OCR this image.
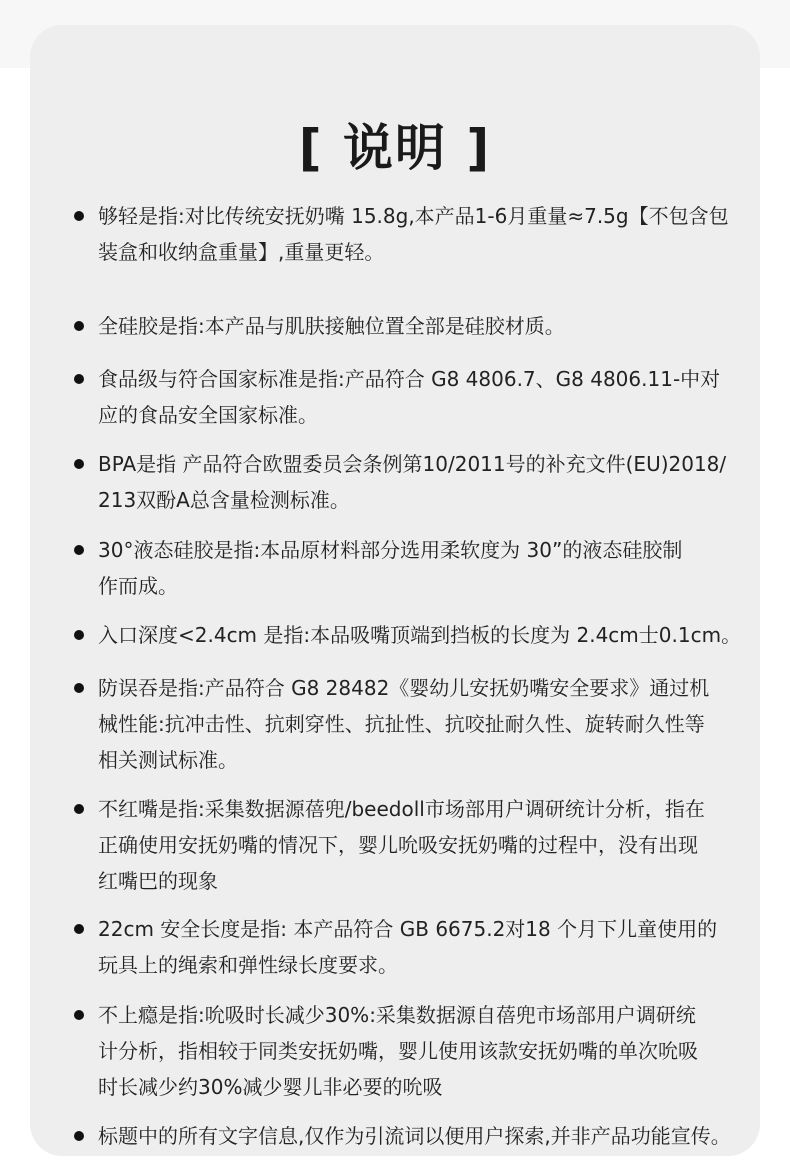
[ 说明 ]
够轻是指:对比传统安抚奶嘴 15.8g,本产品1-6月重量≈7.5g【不包含包
装盒和收纳盒重量】,重量更轻。
全硅胶是指:本产品与肌肤接触位置全部是硅胶材质。
食品级与符合国家标准是指:产品符合 G8 4806.7、G8 4806.11-中对
应的食品安全国家标准。
BPA是指 产品符合欧盟委员会条例第10/2011号的补充文件(EU)2018/
213双酚A总含量检测标准。
30°液态硅胶是指:本品原材料部分选用柔软度为 30”的液态硅胶制
作而成。
入口深度<2.4cm 是指:本品吸嘴顶端到挡板的长度为 2.4cm士0.1cm。
防误吞是指:产品符合 G8 28482《婴幼儿安抚奶嘴安全要求》通过机
械性能:抗冲击性、抗刺穿性、抗扯性、抗咬扯耐久性、旋转耐久性等
相关测试标准。
不红嘴是指:采集数据源蓓兜/beedoll市场部用户调研统计分析，指在
正确使用安抚奶嘴的情况下，婴儿吮吸安抚奶嘴的过程中，没有出现
红嘴巴的现象
22cm 安全长度是指: 本产品符合 GB 6675.2对18 个月下儿童使用的
玩具上的绳索和弹性绿长度要求。
不上瘾是指:吮吸时长减少30%:采集数据源自蓓兜市场部用户调研统
计分析，指相较于同类安抚奶嘴，婴儿使用该款安抚奶嘴的单次吮吸
时长减少约30%减少婴儿非必要的吮吸
标题中的所有文字信息,仅作为引流词以便用户探索,并非产品功能宣传。
